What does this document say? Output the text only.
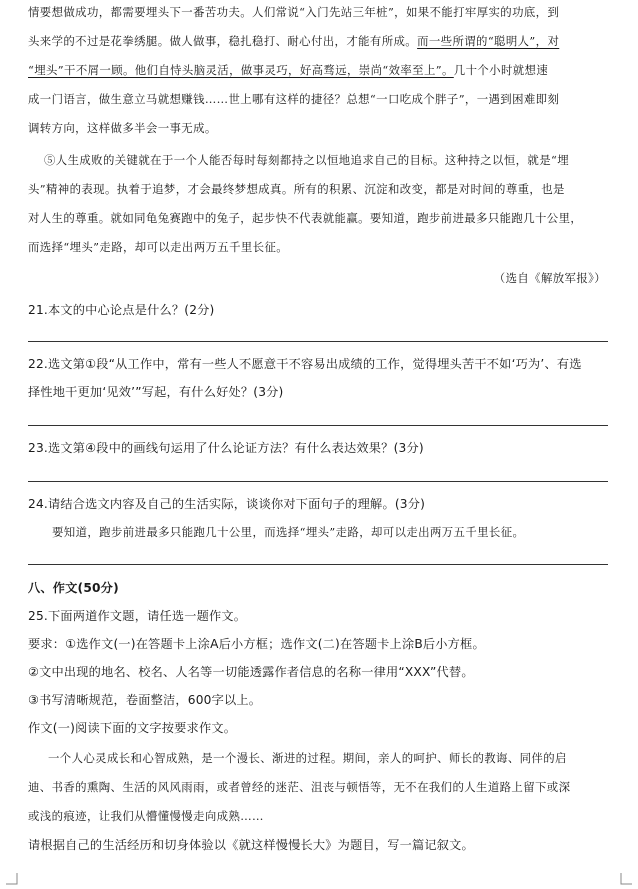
情要想做成功，都需要埋头下一番苦功夫。人们常说“入门先站三年桩”，如果不能打牢厚实的功底，到
头来学的不过是花拳绣腿。做人做事，稳扎稳打、耐心付出，才能有所成。而一些所谓的“聪明人”，对
“埋头”干不屑一顾。他们自恃头脑灵活，做事灵巧，好高骛远，崇尚“效率至上”。几十个小时就想速
成一门语言，做生意立马就想赚钱……世上哪有这样的捷径？总想“一口吃成个胖子”，一遇到困难即刻
调转方向，这样做多半会一事无成。
⑤人生成败的关键就在于一个人能否每时每刻都持之以恒地追求自己的目标。这种持之以恒，就是“埋
头”精神的表现。执着于追梦，才会最终梦想成真。所有的积累、沉淀和改变，都是对时间的尊重，也是
对人生的尊重。就如同龟兔赛跑中的兔子，起步快不代表就能赢。要知道，跑步前进最多只能跑几十公里，
而选择“埋头”走路，却可以走出两万五千里长征。
（选自《解放军报》）
21.本文的中心论点是什么？(2分)
22.选文第①段“从工作中，常有一些人不愿意干不容易出成绩的工作，觉得埋头苦干不如‘巧为’、有选
择性地干更加‘见效’”写起，有什么好处？(3分)
23.选文第④段中的画线句运用了什么论证方法？有什么表达效果？(3分)
24.请结合选文内容及自己的生活实际，谈谈你对下面句子的理解。(3分)
要知道，跑步前进最多只能跑几十公里，而选择“埋头”走路，却可以走出两万五千里长征。
八、作文(50分)
25.下面两道作文题，请任选一题作文。
要求：①选作文(一)在答题卡上涂A后小方框；选作文(二)在答题卡上涂B后小方框。
②文中出现的地名、校名、人名等一切能透露作者信息的名称一律用“XXX”代替。
③书写清晰规范，卷面整洁，600字以上。
作文(一)阅读下面的文字按要求作文。
一个人心灵成长和心智成熟，是一个漫长、渐进的过程。期间，亲人的呵护、师长的教诲、同伴的启
迪、书香的熏陶、生活的风风雨雨，或者曾经的迷茫、沮丧与顿悟等，无不在我们的人生道路上留下或深
或浅的痕迹，让我们从懵懂慢慢走向成熟……
请根据自己的生活经历和切身体验以《就这样慢慢长大》为题目，写一篇记叙文。
